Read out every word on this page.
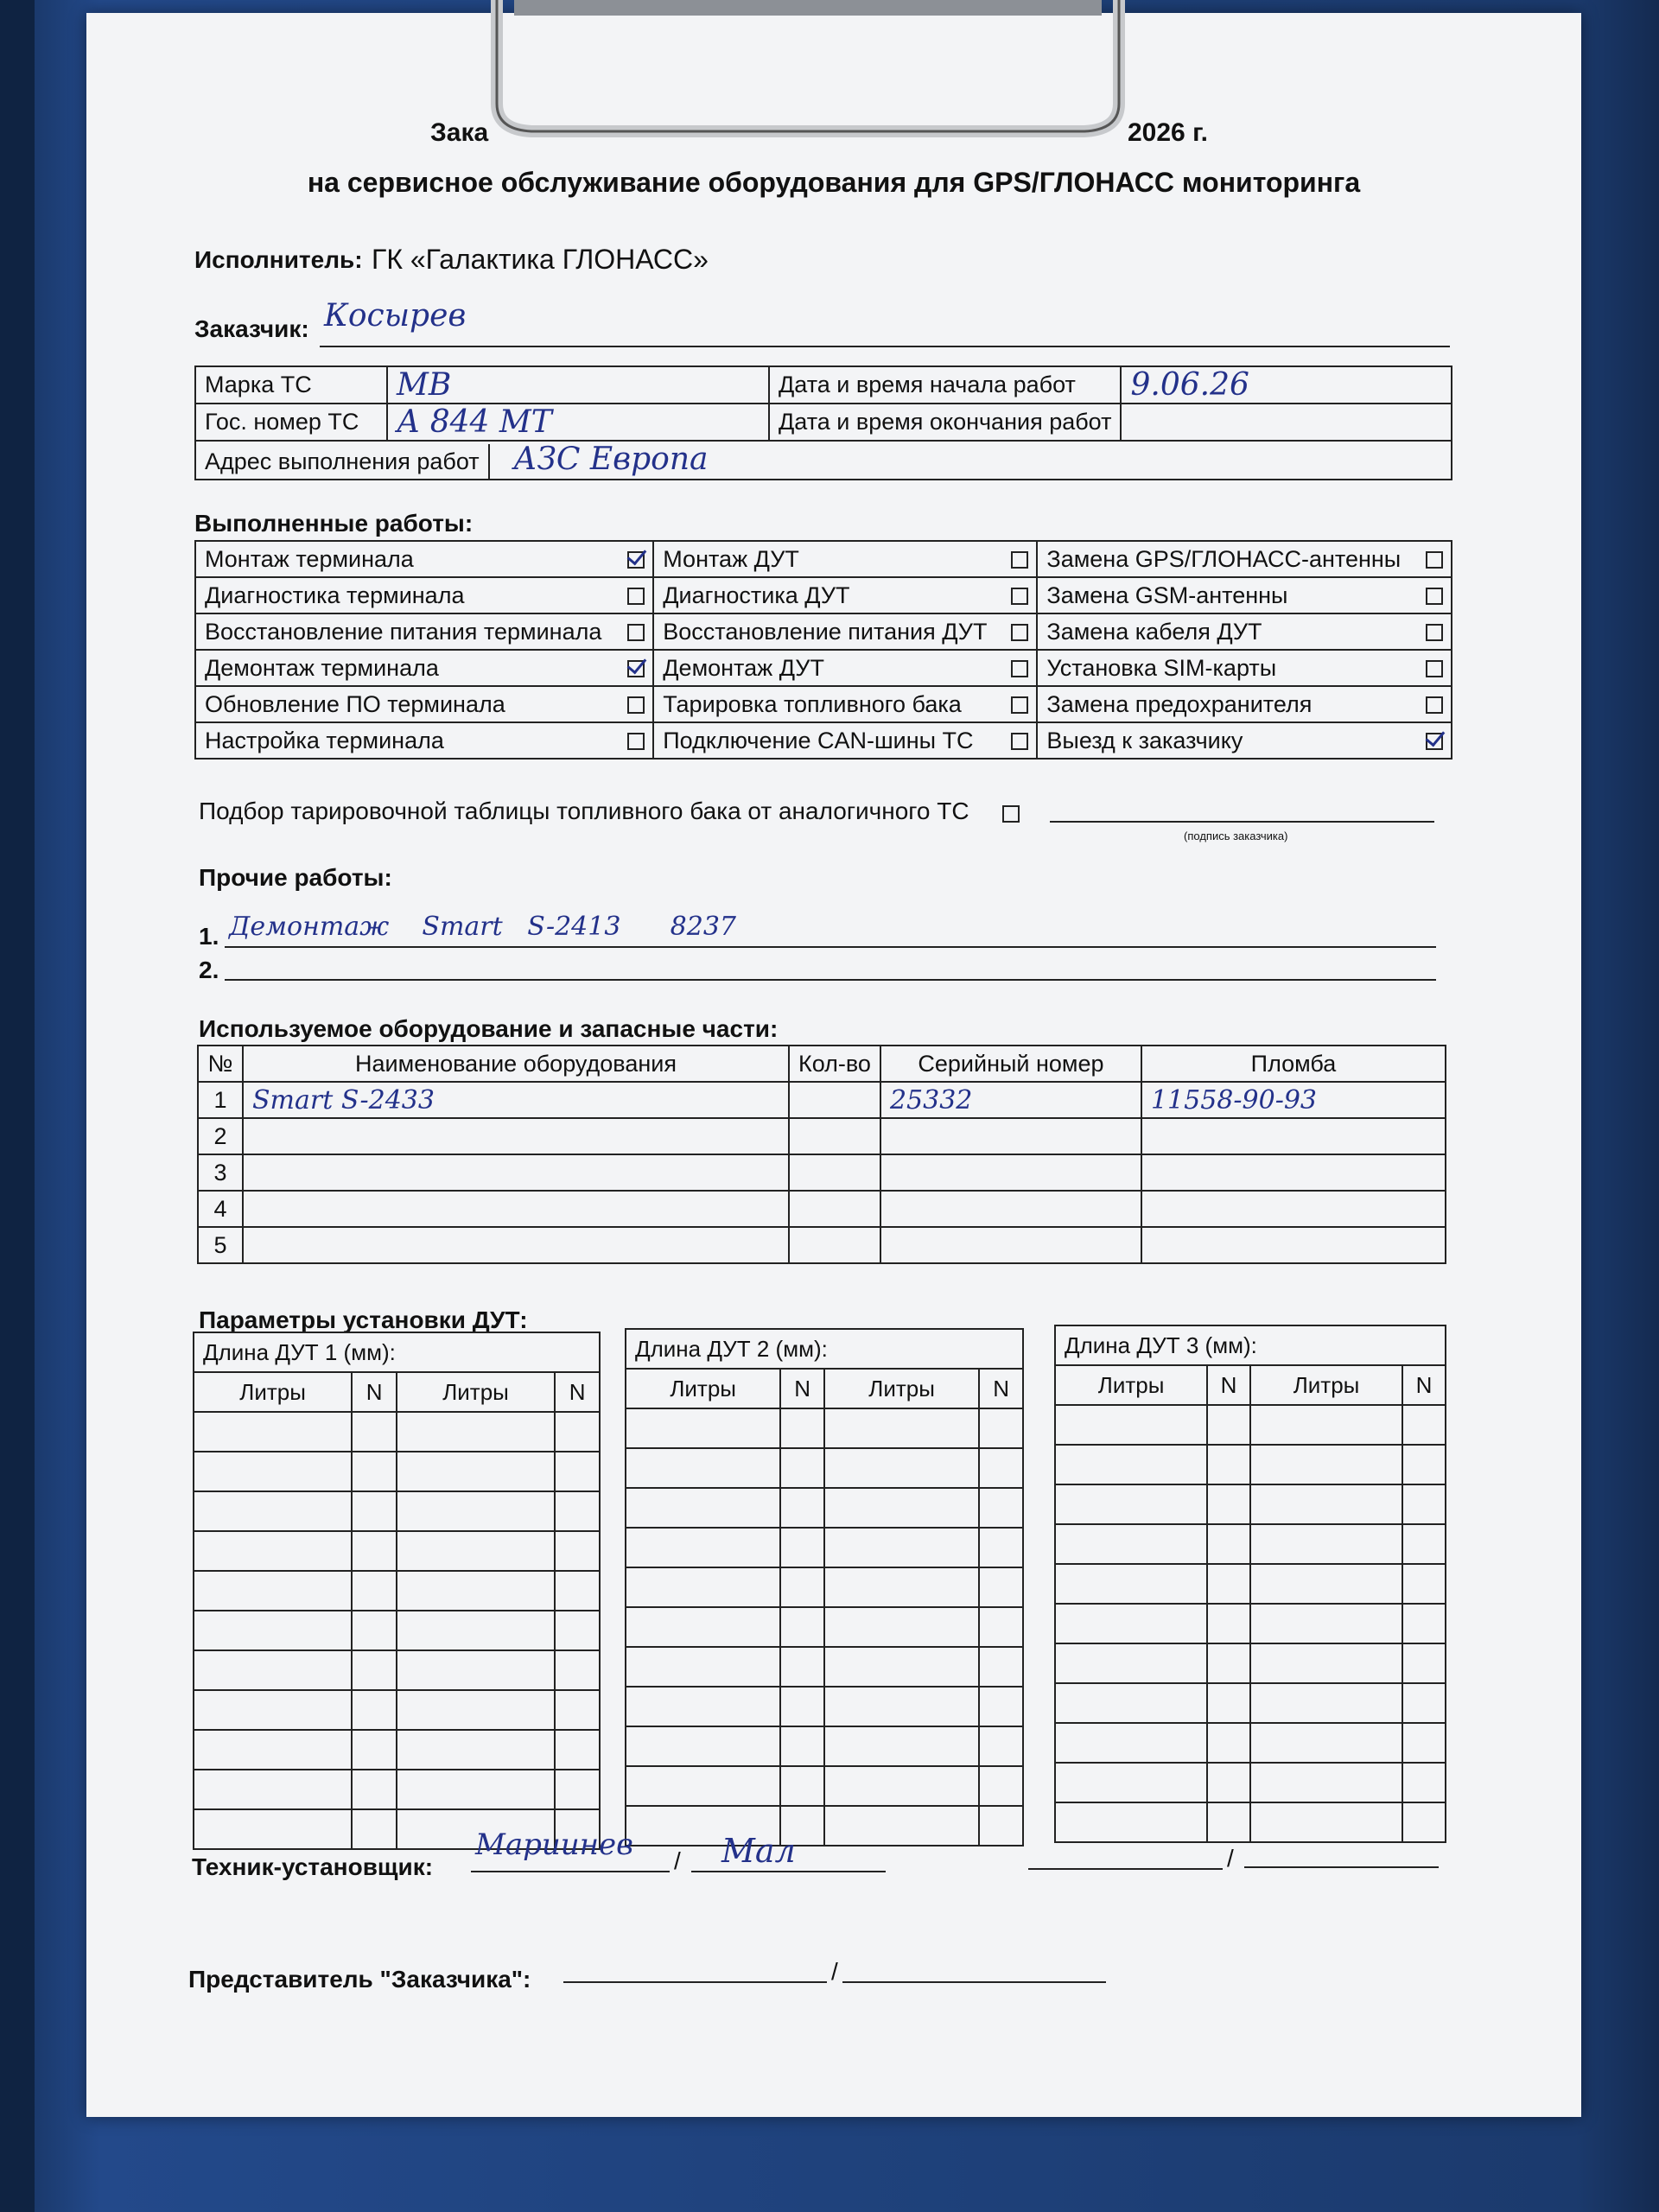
Зака	2026 г.
на сервисное обслуживание оборудования для GPS/ГЛОНАСС мониторинга
Исполнитель: ГК «Галактика ГЛОНАСС»
Заказчик: Косырев
Марка ТС	МВ	Дата и время начала работ	9.06.26
Гос. номер ТС	А 844 МТ	Дата и время окончания работ	
Адрес выполнения работ АЗС Европа			
Выполненные работы:
Монтаж терминала		Монтаж ДУТ		Замена GPS/ГЛОНАСС-антенны	
Диагностика терминала		Диагностика ДУТ		Замена GSM-антенны	
Восстановление питания терминала		Восстановление питания ДУТ		Замена кабеля ДУТ	
Демонтаж терминала		Демонтаж ДУТ		Установка SIM-карты	
Обновление ПО терминала		Тарировка топливного бака		Замена предохранителя	
Настройка терминала		Подключение CAN-шины ТС		Выезд к заказчику	
Подбор тарировочной таблицы топливного бака от аналогичного ТС
(подпись заказчика)
Прочие работы:
1. Демонтаж    Smart   S-2413      8237
2.
Используемое оборудование и запасные части:
№	Наименование оборудования	Кол-во	Серийный номер	Пломба
1	Smart S-2433		25332	11558-90-93
2				
3				
4				
5				
Параметры установки ДУТ:
Длина ДУТ 1 (мм):			
Литры	N	Литры	N

Длина ДУТ 2 (мм):			
Литры	N	Литры	N

Длина ДУТ 3 (мм):			
Литры	N	Литры	N

Техник-установщик:
Мариинев / Мал	/
Представитель "Заказчика":	/
